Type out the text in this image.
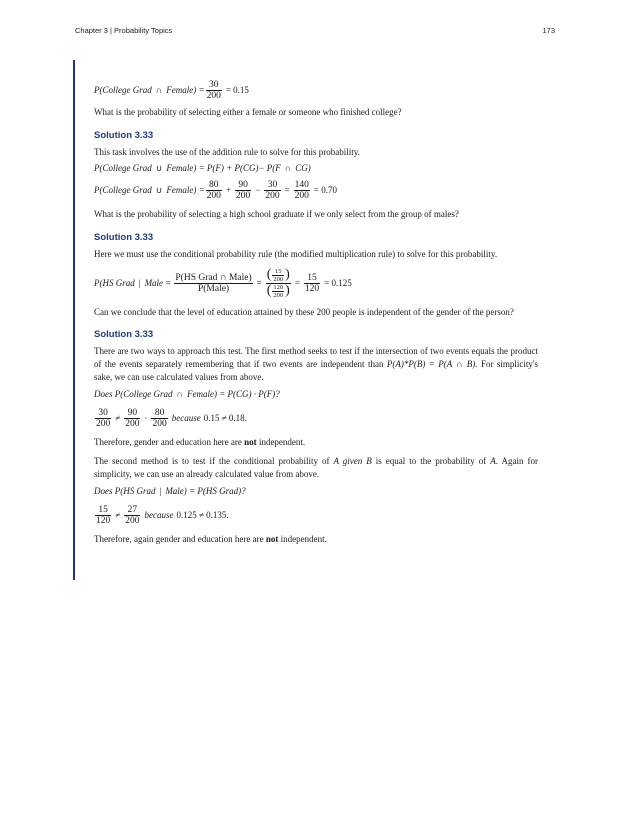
Chapter 3 | Probability Topics	173
P(College Grad ∩ Female) = $\frac{30}{200} = 0.15$
What is the probability of selecting either a female or someone who finished college?
Solution 3.33
This task involves the use of the addition rule to solve for this probability.
P(College Grad ∪ Female) = P(F) + P(CG)− P(F ∩ CG)
P(College Grad ∪ Female) = $\frac{80}{200} + \frac{90}{200} - \frac{30}{200} = \frac{140}{200} = 0.70$
What is the probability of selecting a high school graduate if we only select from the group of males?
Solution 3.33
Here we must use the conditional probability rule (the modified multiplication rule) to solve for this probability.
P(HS Grad | Male = $\frac{\text{P(HS Grad ∩ Male)}}{\text{P(Male)}} = \frac{( \frac{15}{200} )}{( \frac{120}{200} )} = \frac{15}{120} = 0.125$
Can we conclude that the level of education attained by these 200 people is independent of the gender of the person?
Solution 3.33
There are two ways to approach this test. The first method seeks to test if the intersection of two events equals the product of the events separately remembering that if two events are independent than P(A)*P(B) = P(A ∩ B). For simplicity's sake, we can use calculated values from above.
Does P(College Grad ∩ Female) = P(CG) · P(F)?
$\frac{30}{200} \ne \frac{90}{200} \cdot \frac{80}{200}$ because 0.15 ≠ 0.18.
Therefore, gender and education here are not independent.
The second method is to test if the conditional probability of A given B is equal to the probability of A. Again for simplicity, we can use an already calculated value from above.
Does P(HS Grad | Male) = P(HS Grad)?
$\frac{15}{120} \ne \frac{27}{200}$ because 0.125 ≠ 0.135.
Therefore, again gender and education here are not independent.
